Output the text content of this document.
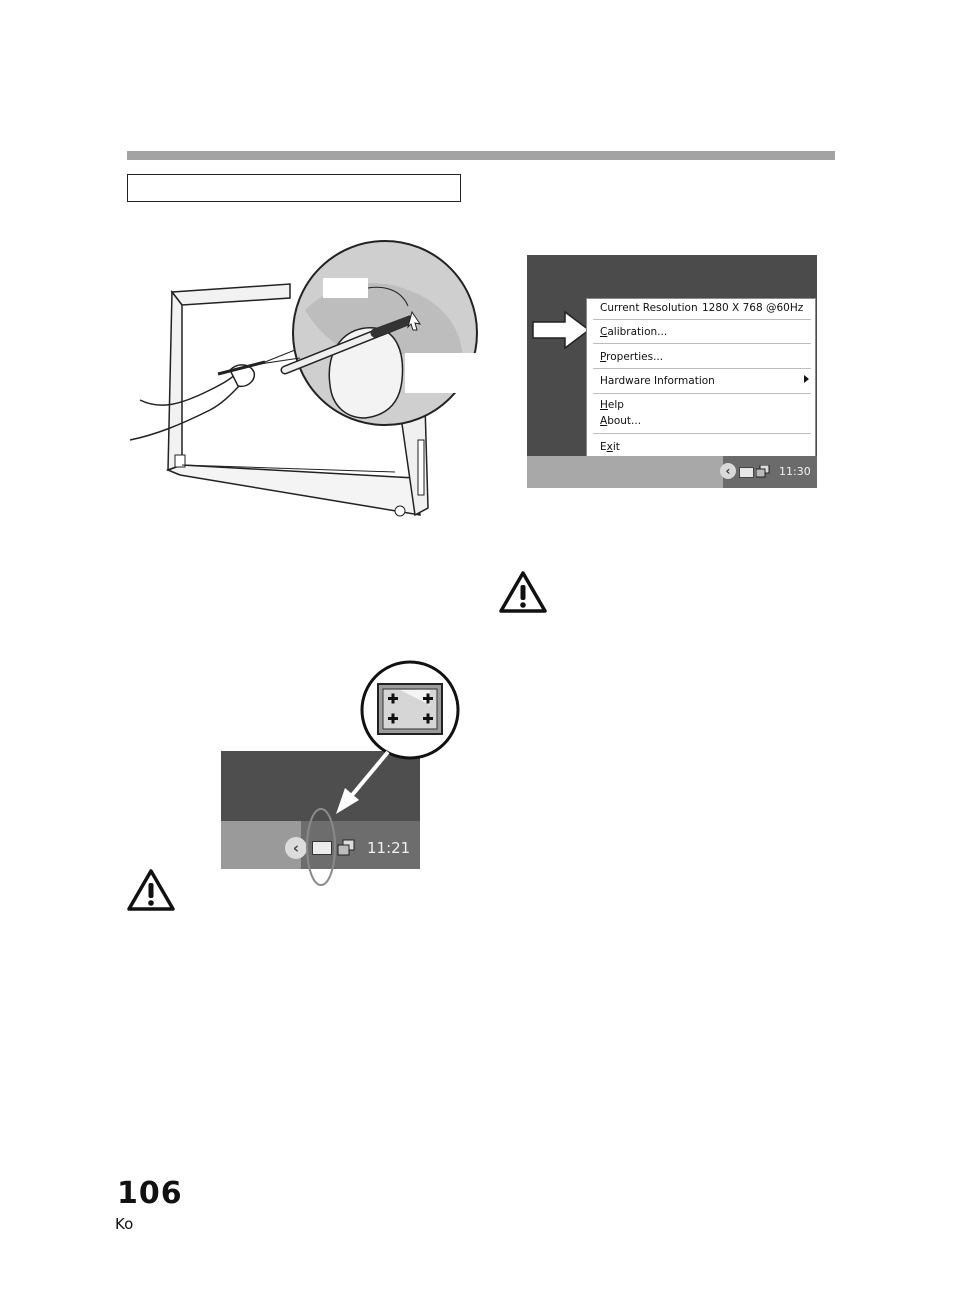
Current Resolution 1280 X 768 @60Hz
Calibration...
Properties...
Hardware Information
Help
About...
Exit
11:30
‹
‹	11:21
106
Ko
